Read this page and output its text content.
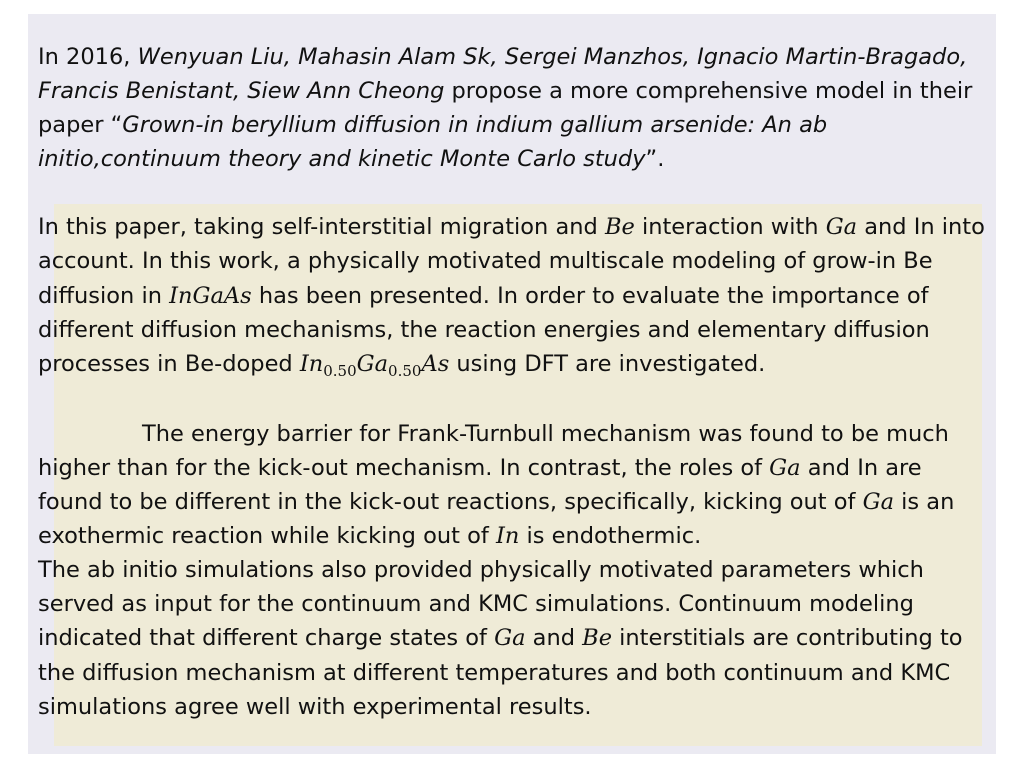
In 2016, Wenyuan Liu, Mahasin Alam Sk, Sergei Manzhos, Ignacio Martin-Bragado, Francis Benistant, Siew Ann Cheong propose a more comprehensive model in their paper “Grown-in beryllium diffusion in indium gallium arsenide: An ab initio,continuum theory and kinetic Monte Carlo study”.

In this paper, taking self-interstitial migration and Be interaction with Ga and In into account. In this work, a physically motivated multiscale modeling of grow-in Be diffusion in InGaAs has been presented. In order to evaluate the importance of different diffusion mechanisms, the reaction energies and elementary diffusion processes in Be-doped $In_{0.50}Ga_{0.50}As$ using DFT are investigated.

The energy barrier for Frank-Turnbull mechanism was found to be much higher than for the kick-out mechanism. In contrast, the roles of Ga and In are found to be different in the kick-out reactions, specifically, kicking out of Ga is an exothermic reaction while kicking out of In is endothermic.

The ab initio simulations also provided physically motivated parameters which served as input for the continuum and KMC simulations. Continuum modeling indicated that different charge states of Ga and Be interstitials are contributing to the diffusion mechanism at different temperatures and both continuum and KMC simulations agree well with experimental results.
